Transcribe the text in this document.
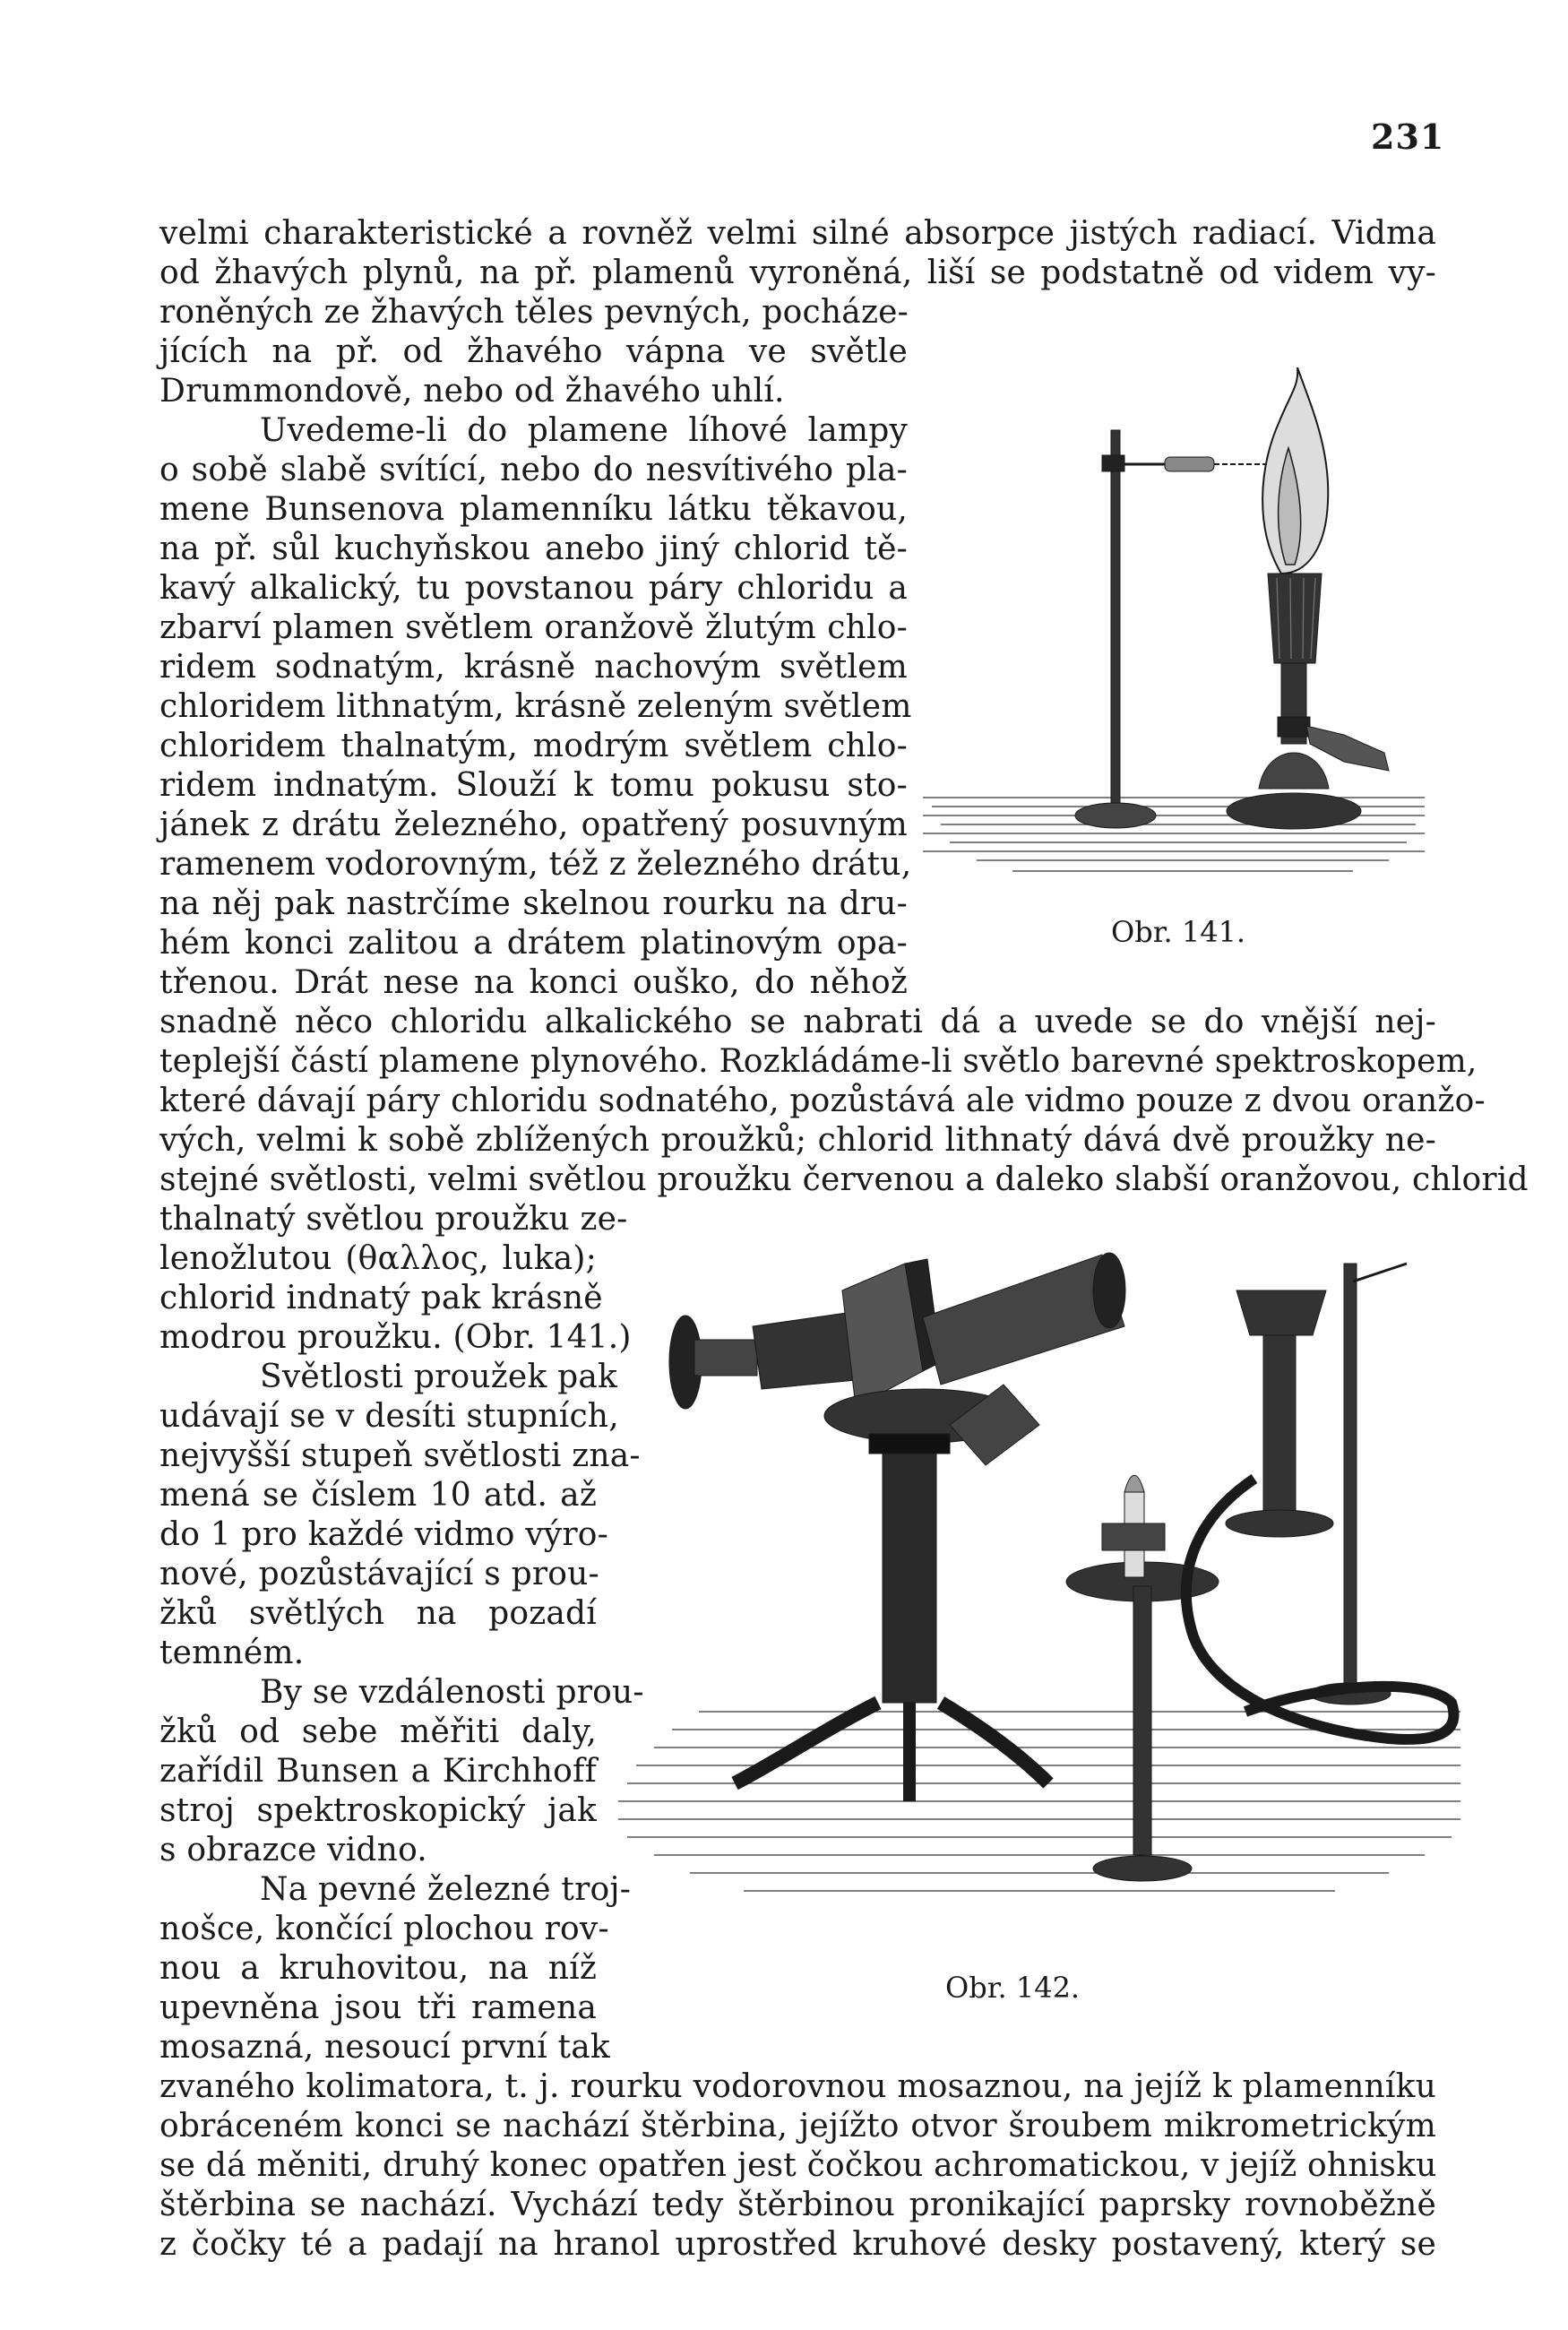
231
velmi charakteristické a rovněž velmi silné absorpce jistých radiací. Vidma
od žhavých plynů, na př. plamenů vyroněná, liší se podstatně od videm vy-
roněných ze žhavých těles pevných, pocháze-
jících na př. od žhavého vápna ve světle
Drummondově, nebo od žhavého uhlí.
Uvedeme-li do plamene líhové lampy
o sobě slabě svítící, nebo do nesvítivého pla-
mene Bunsenova plamenníku látku těkavou,
na př. sůl kuchyňskou anebo jiný chlorid tě-
kavý alkalický, tu povstanou páry chloridu a
zbarví plamen světlem oranžově žlutým chlo-
ridem sodnatým, krásně nachovým světlem
chloridem lithnatým, krásně zeleným světlem
chloridem thalnatým, modrým světlem chlo-
ridem indnatým. Slouží k tomu pokusu sto-
jánek z drátu železného, opatřený posuvným
ramenem vodorovným, též z železného drátu,
na něj pak nastrčíme skelnou rourku na dru-
hém konci zalitou a drátem platinovým opa-
třenou. Drát nese na konci ouško, do něhož
snadně něco chloridu alkalického se nabrati dá a uvede se do vnější nej-
teplejší částí plamene plynového. Rozkládáme-li světlo barevné spektroskopem,
které dávají páry chloridu sodnatého, pozůstává ale vidmo pouze z dvou oranžo-
vých, velmi k sobě zblížených proužků; chlorid lithnatý dává dvě proužky ne-
stejné světlosti, velmi světlou proužku červenou a daleko slabší oranžovou, chlorid
thalnatý světlou proužku ze-
lenožlutou (θαλλος, luka);
chlorid indnatý pak krásně
modrou proužku. (Obr. 141.)
Světlosti proužek pak
udávají se v desíti stupních,
nejvyšší stupeň světlosti zna-
mená se číslem 10 atd. až
do 1 pro každé vidmo výro-
nové, pozůstávající s prou-
žků světlých na pozadí
temném.
By se vzdálenosti prou-
žků od sebe měřiti daly,
zařídil Bunsen a Kirchhoff
stroj spektroskopický jak
s obrazce vidno.
Na pevné železné troj-
nošce, končící plochou rov-
nou a kruhovitou, na níž
upevněna jsou tři ramena
mosazná, nesoucí první tak
zvaného kolimatora, t. j. rourku vodorovnou mosaznou, na jejíž k plamenníku
obráceném konci se nachází štěrbina, jejížto otvor šroubem mikrometrickým
se dá měniti, druhý konec opatřen jest čočkou achromatickou, v jejíž ohnisku
štěrbina se nachází. Vychází tedy štěrbinou pronikající paprsky rovnoběžně
z čočky té a padají na hranol uprostřed kruhové desky postavený, který se
Obr. 141.
Obr. 142.
